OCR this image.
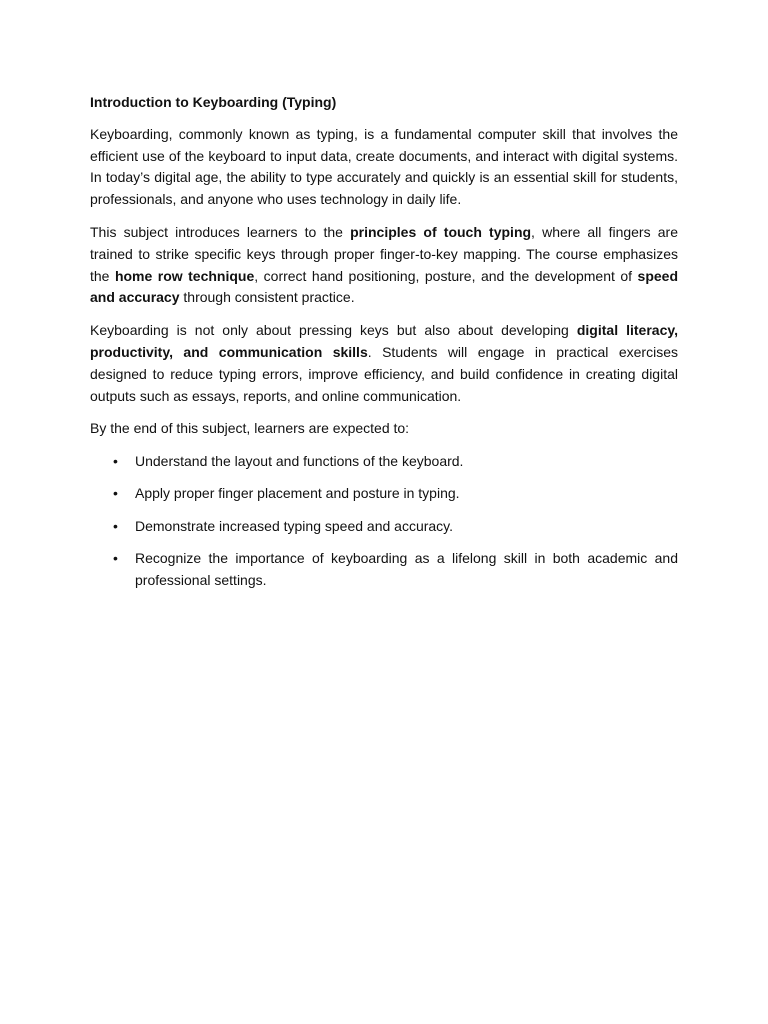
Introduction to Keyboarding (Typing)

Keyboarding, commonly known as typing, is a fundamental computer skill that involves the efficient use of the keyboard to input data, create documents, and interact with digital systems. In today’s digital age, the ability to type accurately and quickly is an essential skill for students, professionals, and anyone who uses technology in daily life.

This subject introduces learners to the principles of touch typing, where all fingers are trained to strike specific keys through proper finger-to-key mapping. The course emphasizes the home row technique, correct hand positioning, posture, and the development of speed and accuracy through consistent practice.

Keyboarding is not only about pressing keys but also about developing digital literacy, productivity, and communication skills. Students will engage in practical exercises designed to reduce typing errors, improve efficiency, and build confidence in creating digital outputs such as essays, reports, and online communication.

By the end of this subject, learners are expected to:

• Understand the layout and functions of the keyboard.
• Apply proper finger placement and posture in typing.
• Demonstrate increased typing speed and accuracy.
• Recognize the importance of keyboarding as a lifelong skill in both academic and professional settings.
